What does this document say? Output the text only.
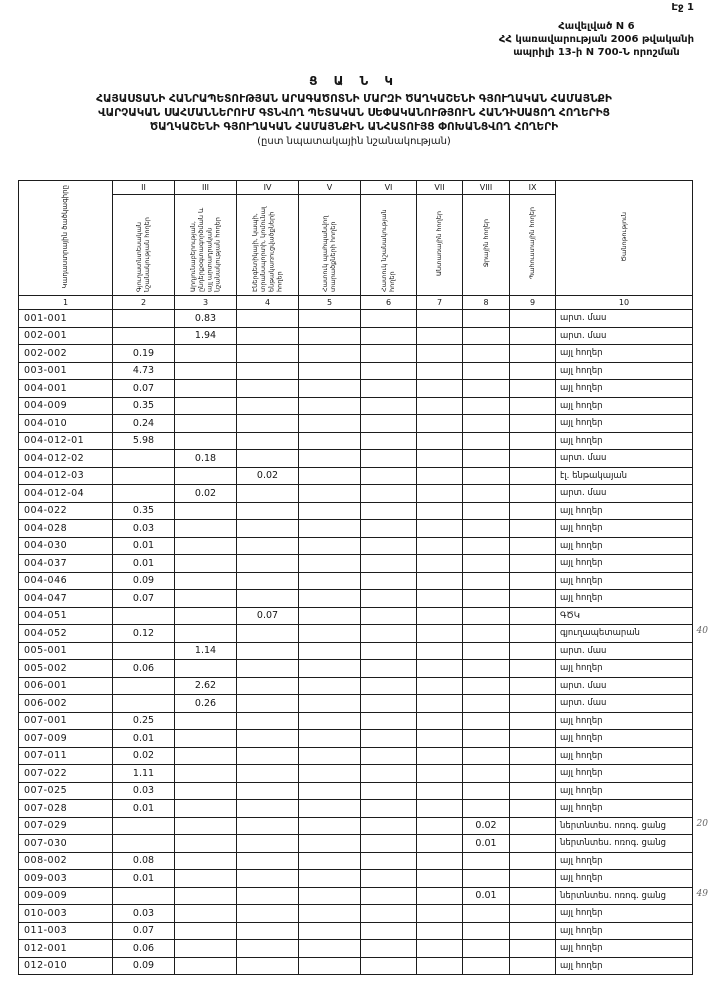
Էջ 1
Հավելված N 6
ՀՀ կառավարության 2006 թվականի
ապրիլի 13-ի N 700-Ն որոշման
Ց Ա Ն Կ
ՀԱՅԱՍՏԱՆԻ ՀԱՆՐԱՊԵՏՈՒԹՅԱՆ ԱՐԱԳԱԾՈՏՆԻ ՄԱՐԶԻ ԾԱՂԿԱՇԵՆԻ ԳՅՈՒՂԱԿԱՆ ՀԱՄԱՅՆՔԻ
ՎԱՐՉԱԿԱՆ ՍԱՀՄԱՆՆԵՐՈՒՄ ԳՏՆՎՈՂ ՊԵՏԱԿԱՆ ՍԵՓԱԿԱՆՈՒԹՅՈՒՆ ՀԱՆԴԻՍԱՑՈՂ ՀՈՂԵՐԻՑ
ԾԱՂԿԱՇԵՆԻ ԳՅՈՒՂԱԿԱՆ ՀԱՄԱՅՆՔԻՆ ԱՆՀԱՏՈՒՅՑ ՓՈԽԱՆՑՎՈՂ ՀՈՂԵՐԻ
(ըստ նպատակային նշանակության)
Կադաստրային ծածկագիրը	II	III	IV	V	VI	VII	VIII	IX	Ծանոթություն
	Գյուղատնտեսական նշանակության հողեր	Արդյունաբերության, ընդերքօգտագործման և այլ արտադրական նշանակության հողեր	Էներգետիկայի, կապի, տրանսպորտի, կոմունալ ենթակառուցվածքների հողեր	Հատուկ պահպանվող տարածքների հողեր	Հատուկ նշանակության հողեր	Անտառային հողեր	Ջրային հողեր	Պահուստային հողեր	
1	2	3	4	5	6	7	8	9	10
001-001		0.83							արտ. մաս
002-001		1.94							արտ. մաս
002-002	0.19								այլ հողեր
003-001	4.73								այլ հողեր
004-001	0.07								այլ հողեր
004-009	0.35								այլ հողեր
004-010	0.24								այլ հողեր
004-012-01	5.98								այլ հողեր
004-012-02		0.18							արտ. մաս
004-012-03			0.02						էլ. ենթակայան
004-012-04		0.02							արտ. մաս
004-022	0.35								այլ հողեր
004-028	0.03								այլ հողեր
004-030	0.01								այլ հողեր
004-037	0.01								այլ հողեր
004-046	0.09								այլ հողեր
004-047	0.07								այլ հողեր
004-051			0.07						ԳԾԿ
004-052	0.12								գյուղապետարան 40

005-001		1.14							արտ. մաս
005-002	0.06								այլ հողեր
006-001		2.62							արտ. մաս
006-002		0.26							արտ. մաս
007-001	0.25								այլ հողեր
007-009	0.01								այլ հողեր
007-011	0.02								այլ հողեր
007-022	1.11								այլ հողեր
007-025	0.03								այլ հողեր
007-028	0.01								այլ հողեր
007-029							0.02		ներտնտես. ոռոգ. ցանց 20

007-030							0.01		ներտնտես. ոռոգ. ցանց
008-002	0.08								այլ հողեր
009-003	0.01								այլ հողեր
009-009							0.01		ներտնտես. ոռոգ. ցանց 49

010-003	0.03								այլ հողեր
011-003	0.07								այլ հողեր
012-001	0.06								այլ հողեր
012-010	0.09								այլ հողեր
